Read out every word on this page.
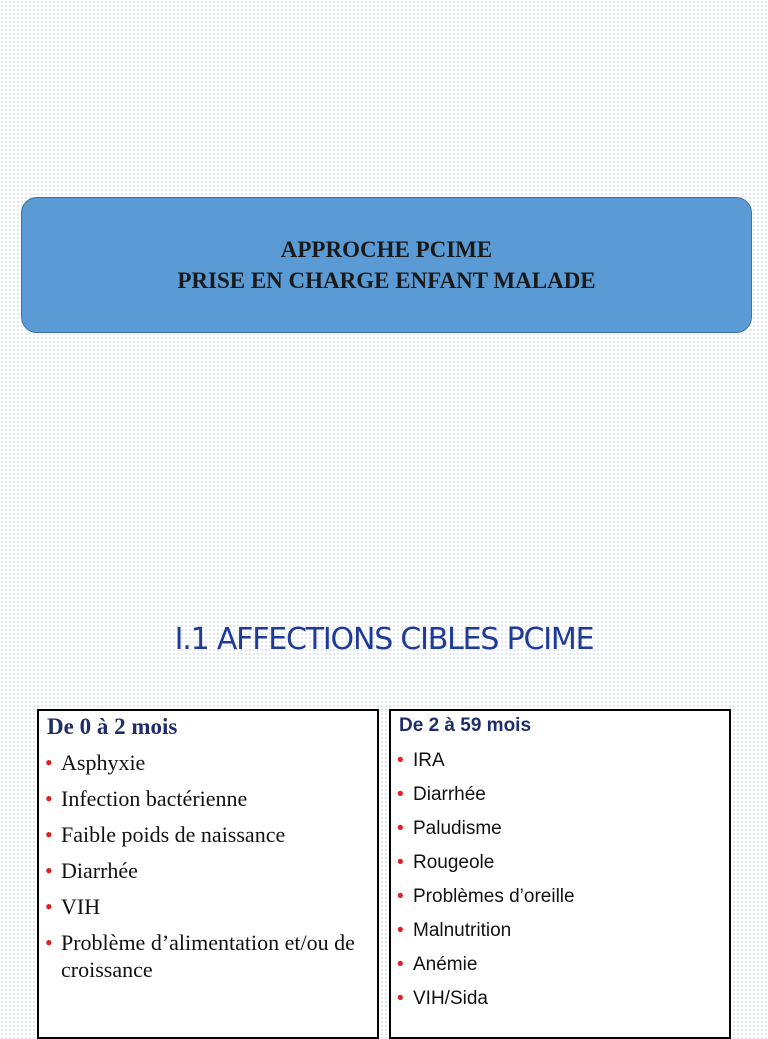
APPROCHE PCIME
PRISE EN CHARGE ENFANT MALADE
I.1 AFFECTIONS CIBLES PCIME
De 0 à 2 mois
• Asphyxie
• Infection bactérienne
• Faible poids de naissance
• Diarrhée
• VIH
• Problème d’alimentation et/ou de croissance
De 2 à 59 mois
• IRA
• Diarrhée
• Paludisme
• Rougeole
• Problèmes d’oreille
• Malnutrition
• Anémie
• VIH/Sida
